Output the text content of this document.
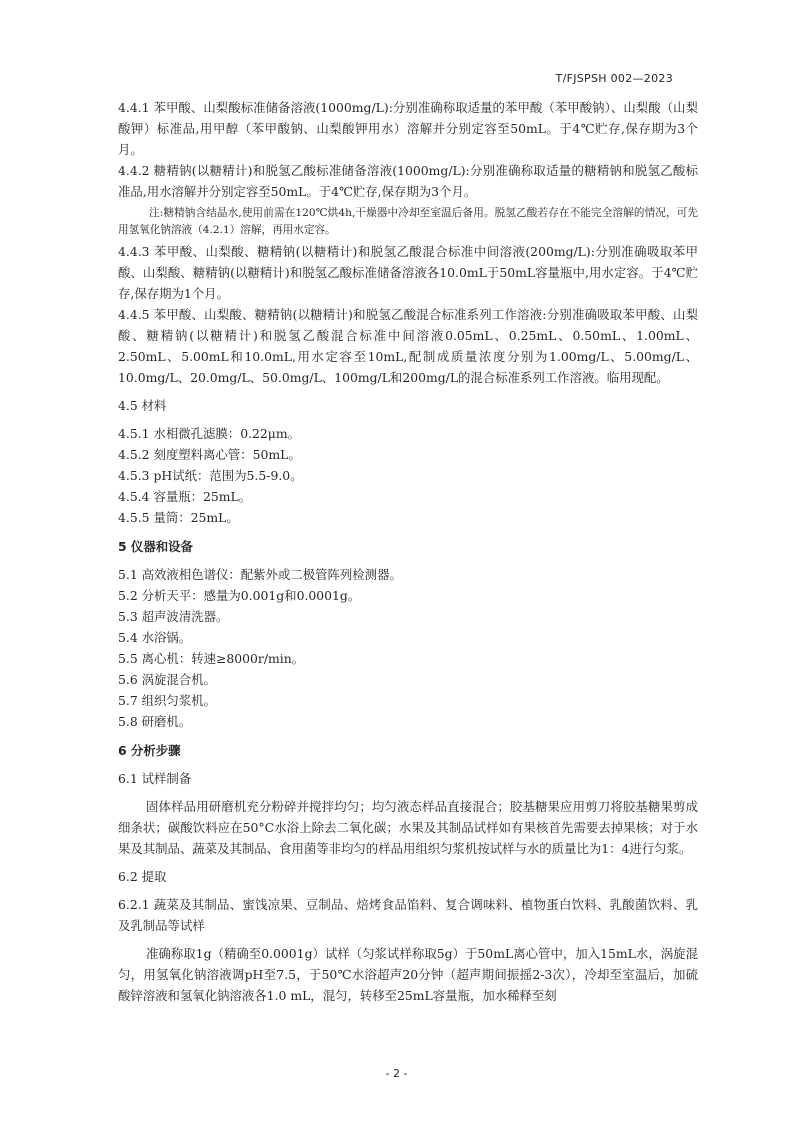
T/FJSPSH 002—2023

4.4.1 苯甲酸、山梨酸标准储备溶液(1000mg/L):分别准确称取适量的苯甲酸（苯甲酸钠）、山梨酸（山梨酸钾）标准品,用甲醇（苯甲酸钠、山梨酸钾用水）溶解并分别定容至50mL。于4℃贮存,保存期为3个月。

4.4.2 糖精钠(以糖精计)和脱氢乙酸标准储备溶液(1000mg/L):分别准确称取适量的糖精钠和脱氢乙酸标准品,用水溶解并分别定容至50mL。于4℃贮存,保存期为3个月。

注:糖精钠含结晶水,使用前需在120℃烘4h,干燥器中冷却至室温后备用。脱氢乙酸若存在不能完全溶解的情况，可先用氢氧化钠溶液（4.2.1）溶解，再用水定容。

4.4.3 苯甲酸、山梨酸、糖精钠(以糖精计)和脱氢乙酸混合标准中间溶液(200mg/L):分别准确吸取苯甲酸、山梨酸、糖精钠(以糖精计)和脱氢乙酸标准储备溶液各10.0mL于50mL容量瓶中,用水定容。于4℃贮存,保存期为1个月。

4.4.5 苯甲酸、山梨酸、糖精钠(以糖精计)和脱氢乙酸混合标准系列工作溶液:分别准确吸取苯甲酸、山梨酸、糖精钠(以糖精计)和脱氢乙酸混合标准中间溶液0.05mL、0.25mL、0.50mL、1.00mL、2.50mL、5.00mL和10.0mL,用水定容至10mL,配制成质量浓度分别为1.00mg/L、5.00mg/L、10.0mg/L、20.0mg/L、50.0mg/L、100mg/L和200mg/L的混合标准系列工作溶液。临用现配。

4.5 材料

4.5.1 水相微孔滤膜：0.22μm。

4.5.2 刻度塑料离心管：50mL。

4.5.3 pH试纸：范围为5.5-9.0。

4.5.4 容量瓶：25mL。

4.5.5 量筒：25mL。

5 仪器和设备

5.1 高效液相色谱仪：配紫外或二极管阵列检测器。

5.2 分析天平：感量为0.001g和0.0001g。

5.3 超声波清洗器。

5.4 水浴锅。

5.5 离心机：转速≥8000r/min。

5.6 涡旋混合机。

5.7 组织匀浆机。

5.8 研磨机。

6 分析步骤

6.1 试样制备

固体样品用研磨机充分粉碎并搅拌均匀；均匀液态样品直接混合；胶基糖果应用剪刀将胶基糖果剪成细条状；碳酸饮料应在50°C水浴上除去二氧化碳；水果及其制品试样如有果核首先需要去掉果核；对于水果及其制品、蔬菜及其制品、食用菌等非均匀的样品用组织匀浆机按试样与水的质量比为1：4进行匀浆。

6.2 提取

6.2.1 蔬菜及其制品、蜜饯凉果、豆制品、焙烤食品馅料、复合调味料、植物蛋白饮料、乳酸菌饮料、乳及乳制品等试样

准确称取1g（精确至0.0001g）试样（匀浆试样称取5g）于50mL离心管中，加入15mL水，涡旋混匀，用氢氧化钠溶液调pH至7.5，于50℃水浴超声20分钟（超声期间振摇2-3次），冷却至室温后，加硫酸锌溶液和氢氧化钠溶液各1.0 mL，混匀，转移至25mL容量瓶，加水稀释至刻

- 2 -
